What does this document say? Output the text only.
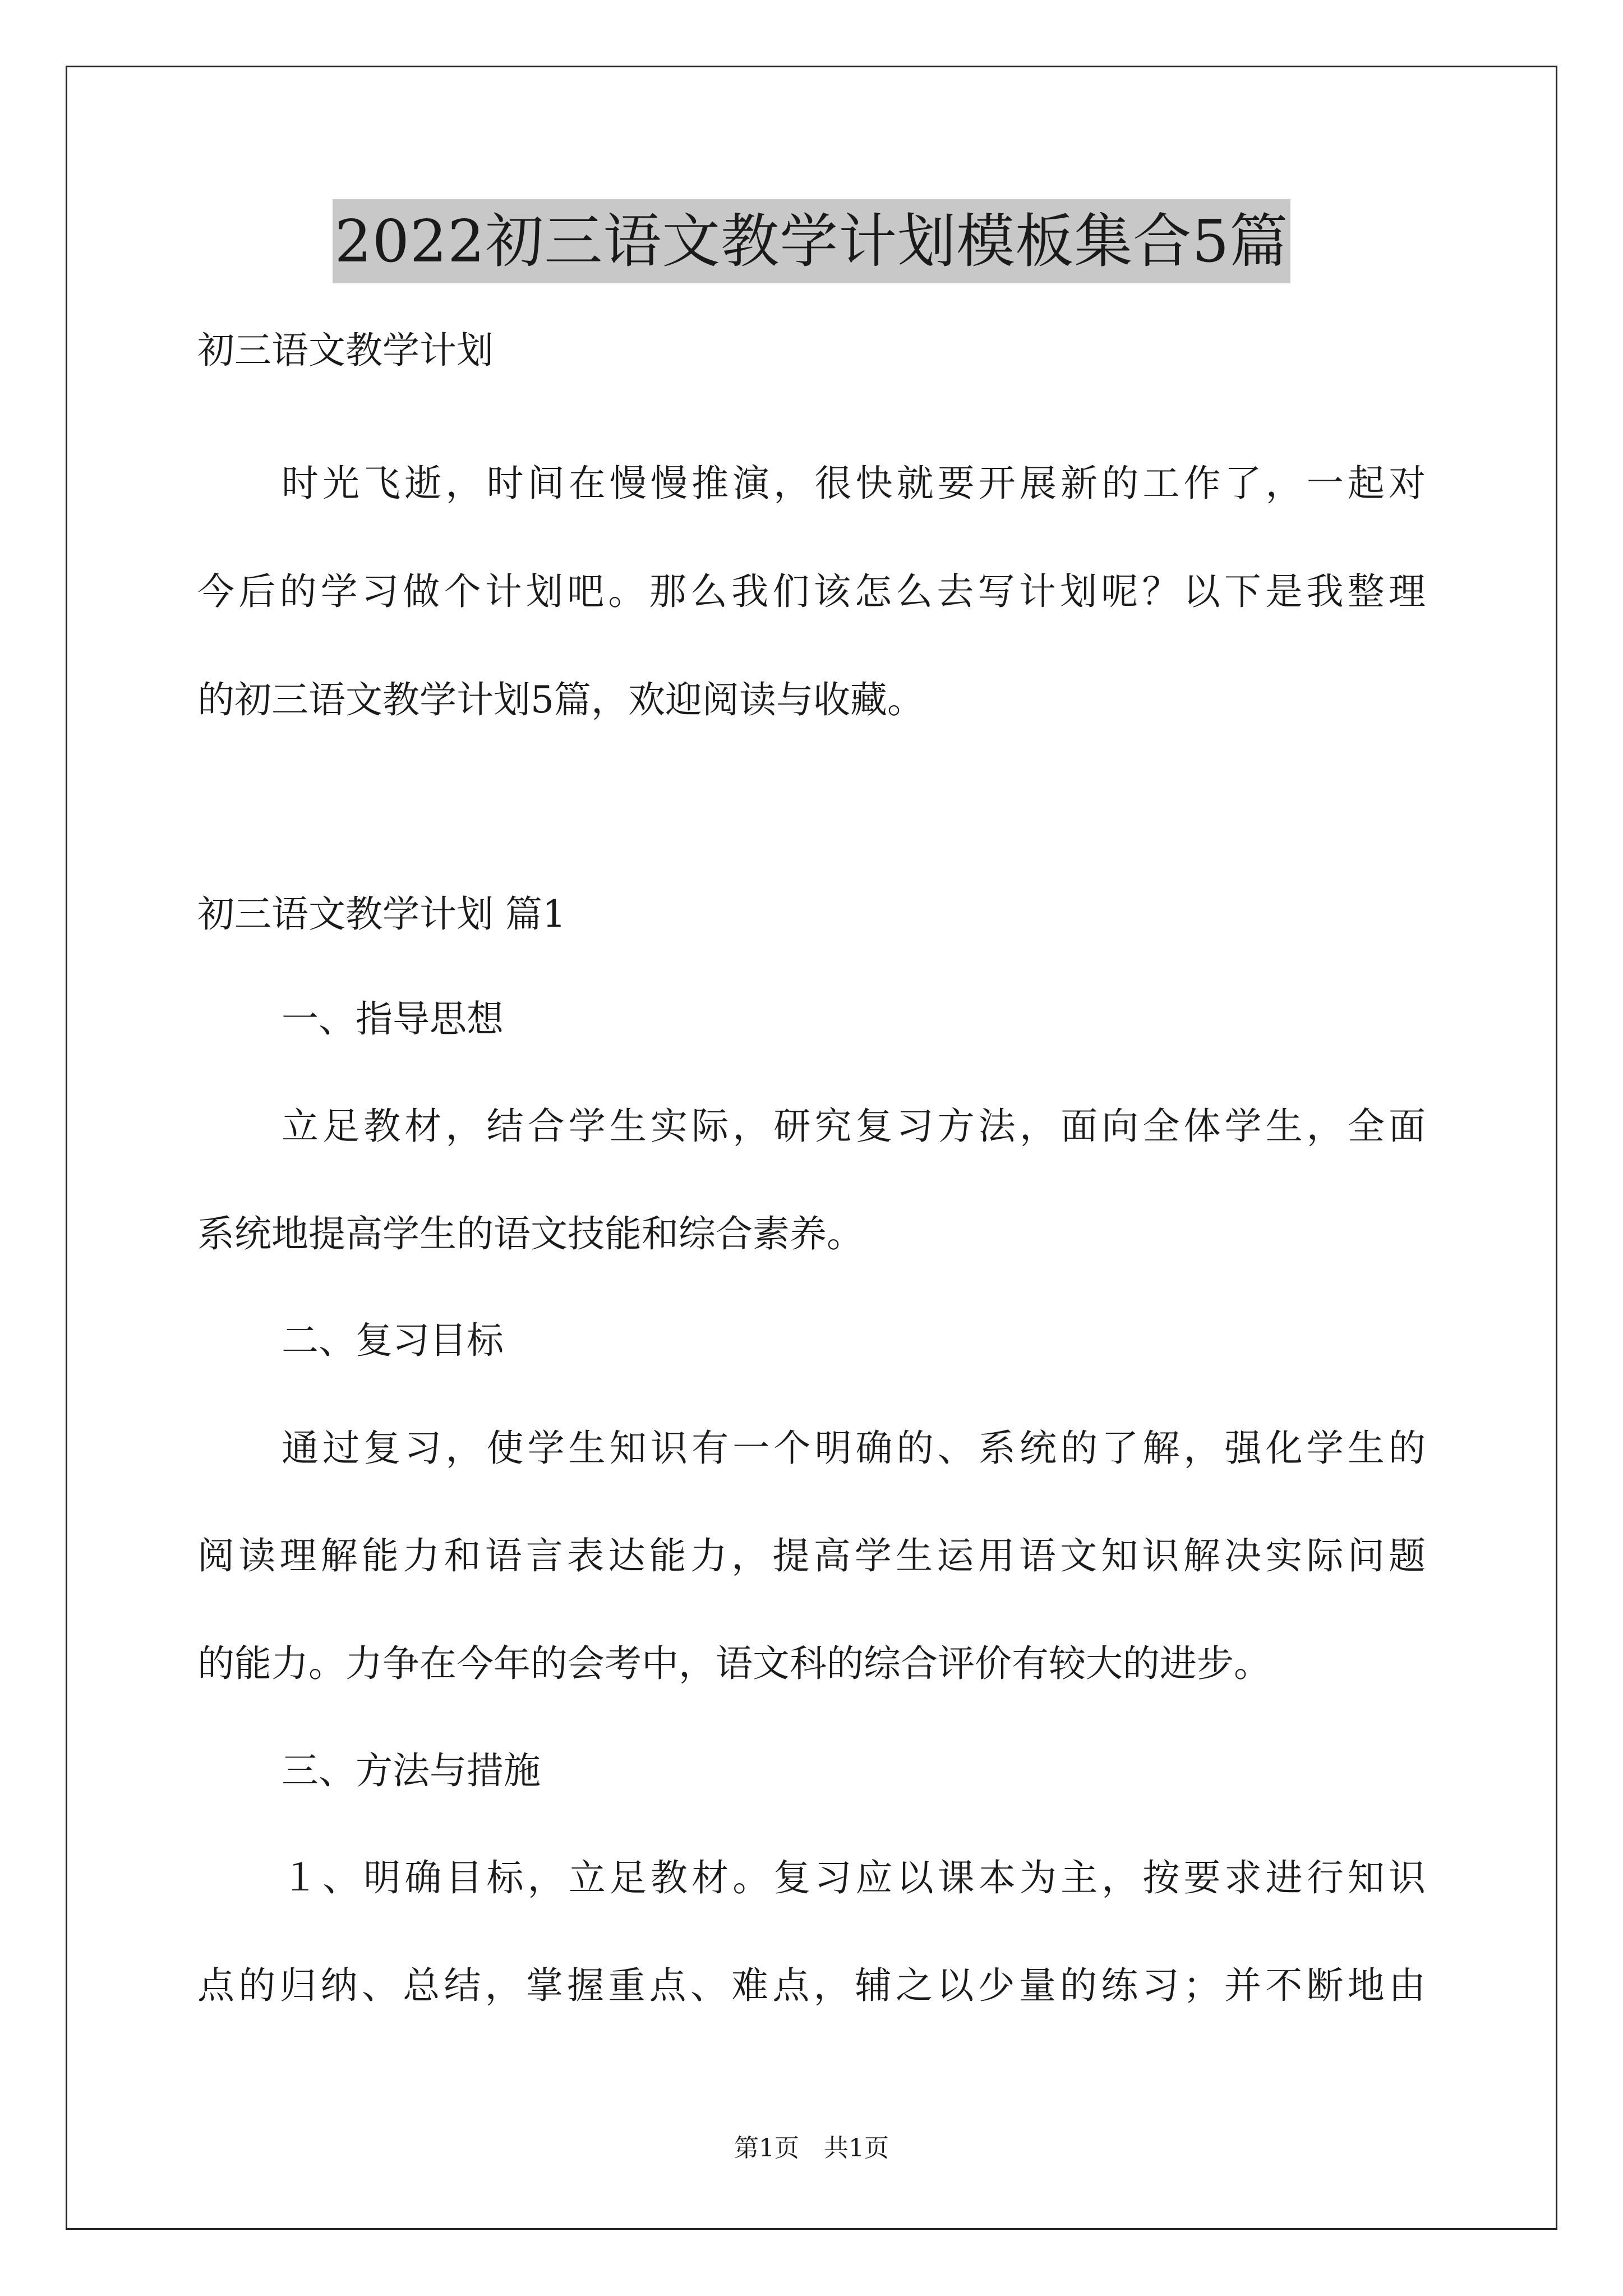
2022初三语文教学计划模板集合5篇
初三语文教学计划
时光飞逝，时间在慢慢推演，很快就要开展新的工作了，一起对
今后的学习做个计划吧。那么我们该怎么去写计划呢？以下是我整理
的初三语文教学计划5篇，欢迎阅读与收藏。
初三语文教学计划 篇1
一、指导思想
立足教材，结合学生实际，研究复习方法，面向全体学生，全面
系统地提高学生的语文技能和综合素养。
二、复习目标
通过复习，使学生知识有一个明确的、系统的了解，强化学生的
阅读理解能力和语言表达能力，提高学生运用语文知识解决实际问题
的能力。力争在今年的会考中，语文科的综合评价有较大的进步。
三、方法与措施
１、明确目标，立足教材。复习应以课本为主，按要求进行知识
点的归纳、总结，掌握重点、难点，辅之以少量的练习；并不断地由
第1页　共1页
